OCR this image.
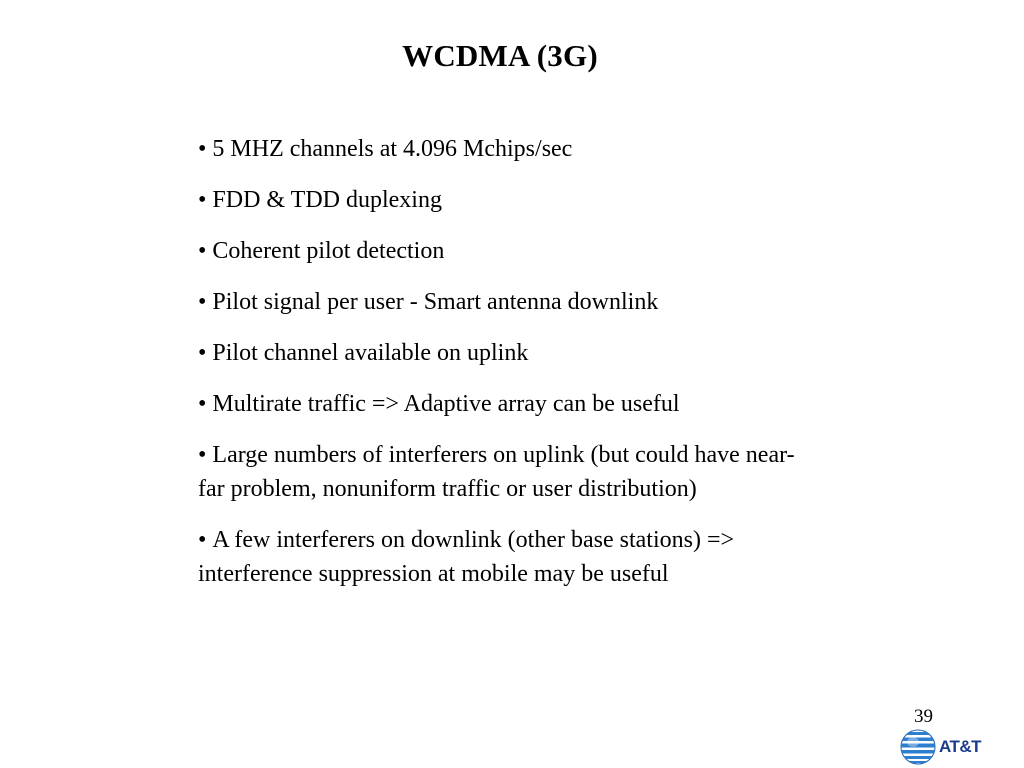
WCDMA (3G)
• 5 MHZ channels at 4.096 Mchips/sec
• FDD & TDD duplexing
• Coherent pilot detection
• Pilot signal per user - Smart antenna downlink
• Pilot channel available on uplink
• Multirate traffic => Adaptive array can be useful
• Large numbers of interferers on uplink (but could have near-far problem, nonuniform traffic or user distribution)
• A few interferers on downlink (other base stations) => interference suppression at mobile may be useful
39
AT&T
